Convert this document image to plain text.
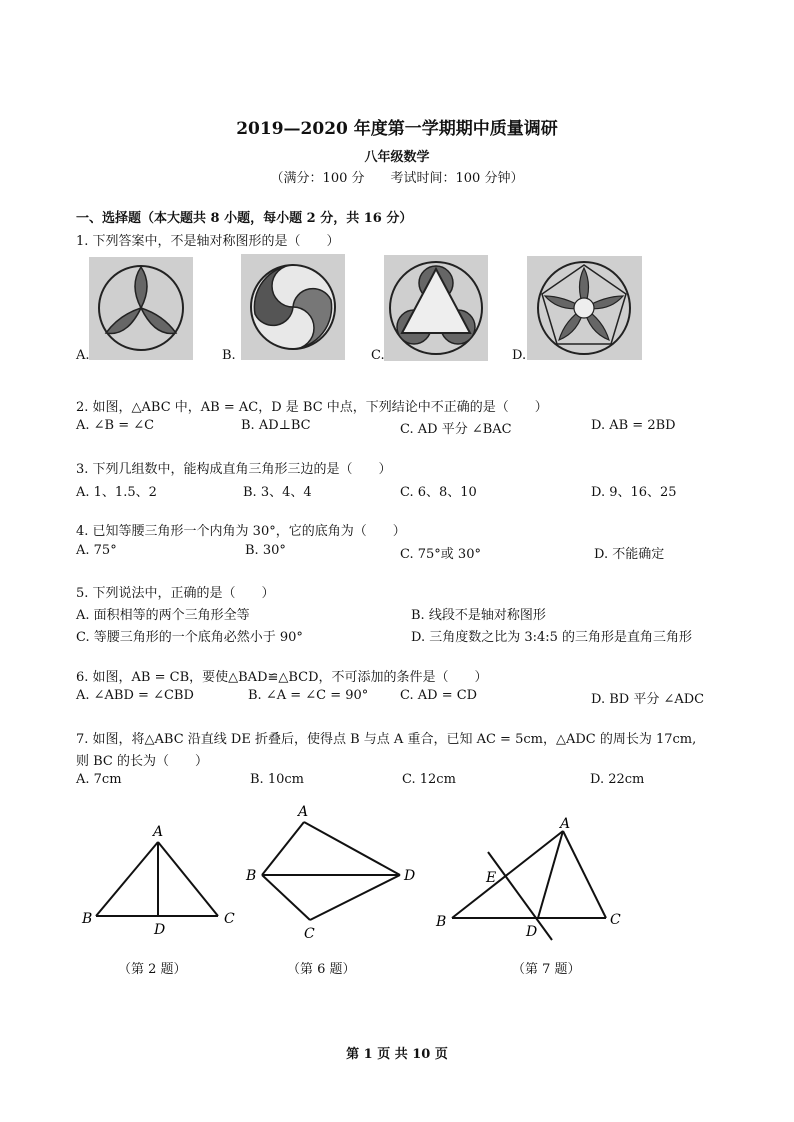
2019—2020 年度第一学期期中质量调研
八年级数学
（满分：100 分　　考试时间：100 分钟）
一、选择题（本大题共 8 小题，每小题 2 分，共 16 分）
1. 下列答案中，不是轴对称图形的是（　　）
A.	B.	C.	D.
2. 如图，△ABC 中，AB = AC，D 是 BC 中点，下列结论中不正确的是（　　）
A. ∠B = ∠C	B. AD⊥BC	C. AD 平分 ∠BAC	D. AB = 2BD
3. 下列几组数中，能构成直角三角形三边的是（　　）
A. 1、1.5、2	B. 3、4、4	C. 6、8、10	D. 9、16、25
4. 已知等腰三角形一个内角为 30°，它的底角为（　　）
A. 75°	B. 30°	C. 75°或 30°	D. 不能确定
5. 下列说法中，正确的是（　　）
A. 面积相等的两个三角形全等	B. 线段不是轴对称图形
C. 等腰三角形的一个底角必然小于 90°	D. 三角度数之比为 3:4:5 的三角形是直角三角形
6. 如图，AB = CB，要使△BAD≌△BCD，不可添加的条件是（　　）
A. ∠ABD = ∠CBD	B. ∠A = ∠C = 90° C. AD = CD	D. BD 平分 ∠ADC
7. 如图，将△ABC 沿直线 DE 折叠后，使得点 B 与点 A 重合，已知 AC = 5cm，△ADC 的周长为 17cm,
则 BC 的长为（　　）
A. 7cm	B. 10cm	C. 12cm	D. 22cm
A
B	C
D
A
B
C
D
A
B	C
D
E
（第 2 题）	（第 6 题）	（第 7 题）
第 1 页 共 10 页
